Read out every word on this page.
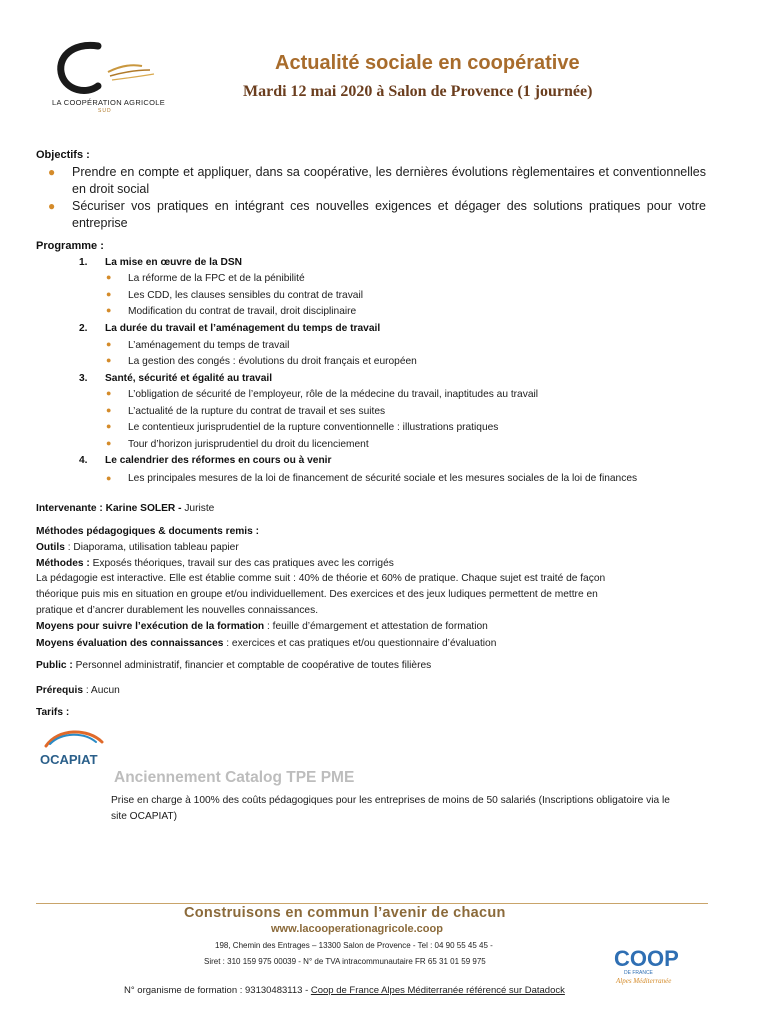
LA COOPÉRATION AGRICOLE
SUD
Actualité sociale en coopérative
Mardi 12 mai 2020 à Salon de Provence (1 journée)
Objectifs :
● Prendre en compte et appliquer, dans sa coopérative, les dernières évolutions règlementaires et conventionnelles en droit social
● Sécuriser vos pratiques en intégrant ces nouvelles exigences et dégager des solutions pratiques pour votre entreprise
Programme :
1. La mise en œuvre de la DSN
● La réforme de la FPC et de la pénibilité
● Les CDD, les clauses sensibles du contrat de travail
● Modification du contrat de travail, droit disciplinaire
2. La durée du travail et l’aménagement du temps de travail
● L’aménagement du temps de travail
● La gestion des congés : évolutions du droit français et européen
3. Santé, sécurité et égalité au travail
● L’obligation de sécurité de l’employeur, rôle de la médecine du travail, inaptitudes au travail
● L’actualité de la rupture du contrat de travail et ses suites
● Le contentieux jurisprudentiel de la rupture conventionnelle : illustrations pratiques
● Tour d’horizon jurisprudentiel du droit du licenciement
4. Le calendrier des réformes en cours ou à venir
● Les principales mesures de la loi de financement de sécurité sociale et les mesures sociales de la loi de finances
Intervenante : Karine SOLER - Juriste
Méthodes pédagogiques & documents remis :
Outils : Diaporama, utilisation tableau papier
Méthodes : Exposés théoriques, travail sur des cas pratiques avec les corrigés
La pédagogie est interactive. Elle est établie comme suit : 40% de théorie et 60% de pratique. Chaque sujet est traité de façon
théorique puis mis en situation en groupe et/ou individuellement. Des exercices et des jeux ludiques permettent de mettre en
pratique et d’ancrer durablement les nouvelles connaissances.
Moyens pour suivre l’exécution de la formation : feuille d’émargement et attestation de formation
Moyens évaluation des connaissances : exercices et cas pratiques et/ou questionnaire d’évaluation
Public : Personnel administratif, financier et comptable de coopérative de toutes filières
Prérequis : Aucun
Tarifs :
OCAPIAT
Anciennement Catalog TPE PME
Prise en charge à 100% des coûts pédagogiques pour les entreprises de moins de 50 salariés (Inscriptions obligatoire via le site OCAPIAT)
Construisons en commun l’avenir de chacun
www.lacooperationagricole.coop
198, Chemin des Entrages – 13300 Salon de Provence - Tel : 04 90 55 45 45 -
Siret : 310 159 975 00039 - N° de TVA intracommunautaire FR 65 31 01 59 975
N° organisme de formation : 93130483113 - Coop de France Alpes Méditerranée référencé sur Datadock
COOP
DE FRANCE
Alpes Méditerranée
